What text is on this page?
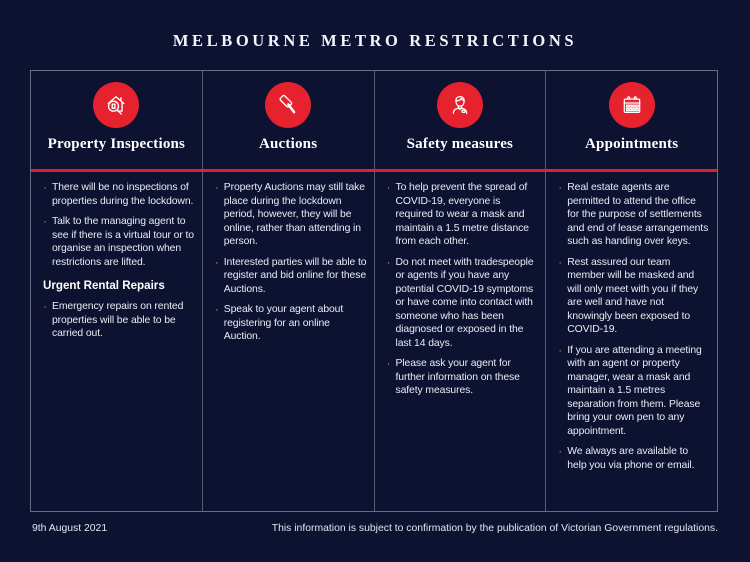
MELBOURNE METRO RESTRICTIONS
Property Inspections
· There will be no inspections of properties during the lockdown.
· Talk to the managing agent to see if there is a virtual tour or to organise an inspection when restrictions are lifted.
Urgent Rental Repairs
· Emergency repairs on rented properties will be able to be carried out.
Auctions
· Property Auctions may still take place during the lockdown period, however, they will be online, rather than attending in person.
· Interested parties will be able to register and bid online for these Auctions.
· Speak to your agent about registering for an online Auction.
Safety measures
· To help prevent the spread of COVID-19, everyone is required to wear a mask and maintain a 1.5 metre distance from each other.
· Do not meet with tradespeople or agents if you have any potential COVID-19 symptoms or have come into contact with someone who has been diagnosed or exposed in the last 14 days.
· Please ask your agent for further information on these safety measures.
Appointments
· Real estate agents are permitted to attend the office for the purpose of settlements and end of lease arrangements such as handing over keys.
· Rest assured our team member will be masked and will only meet with you if they are well and have not knowingly been exposed to COVID-19.
· If you are attending a meeting with an agent or property manager, wear a mask and maintain a 1.5 metres separation from them. Please bring your own pen to any appointment.
· We always are available to help you via phone or email.
9th August 2021	This information is subject to confirmation by the publication of Victorian Government regulations.
